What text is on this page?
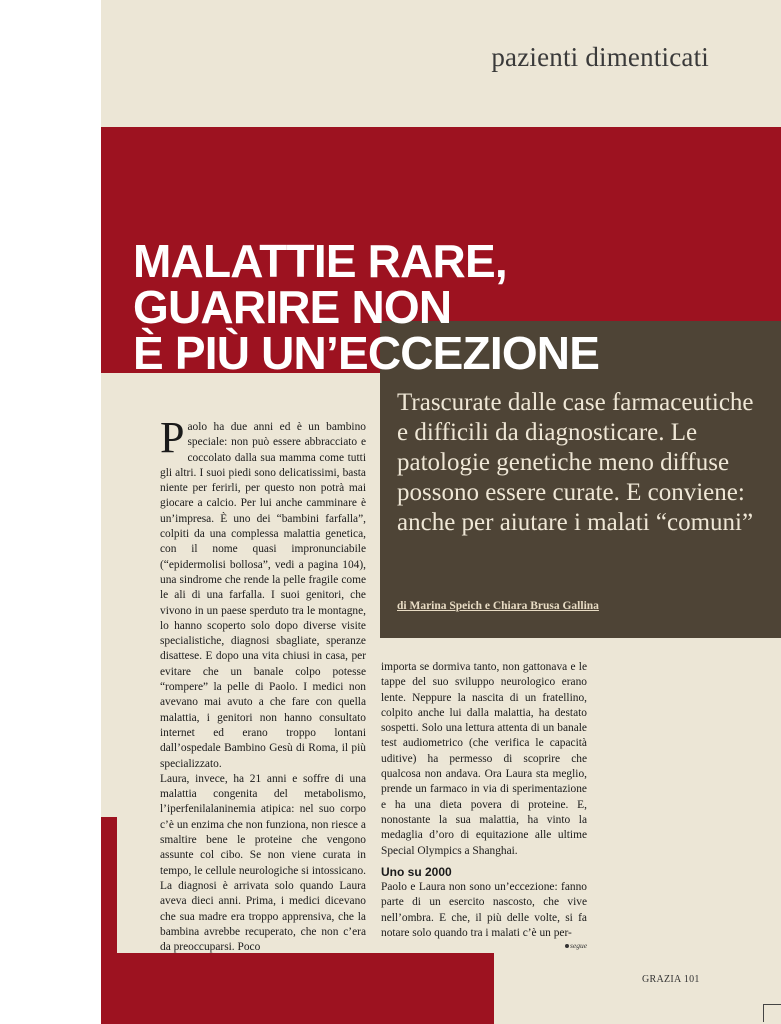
pazienti dimenticati
MALATTIE RARE,
GUARIRE NON
È PIÙ UN’ECCEZIONE

Trascurate dalle case farmaceutiche e difficili da diagnosticare. Le patologie genetiche meno diffuse possono essere curate. E conviene: anche per aiutare i malati “comuni”

di Marina Speich e Chiara Brusa Gallina

Paolo ha due anni ed è un bambino speciale: non può essere abbracciato e coccolato dalla sua mamma come tutti gli altri. I suoi piedi sono delicatissimi, basta niente per ferirli, per questo non potrà mai giocare a calcio. Per lui anche camminare è un’impresa. È uno dei “bambini farfalla”, colpiti da una complessa malattia genetica, con il nome quasi impronunciabile (“epidermolisi bollosa”, vedi a pagina 104), una sindrome che rende la pelle fragile come le ali di una farfalla. I suoi genitori, che vivono in un paese sperduto tra le montagne, lo hanno scoperto solo dopo diverse visite specialistiche, diagnosi sbagliate, speranze disattese. E dopo una vita chiusi in casa, per evitare che un banale colpo potesse “rompere” la pelle di Paolo. I medici non avevano mai avuto a che fare con quella malattia, i genitori non hanno consultato internet ed erano troppo lontani dall’ospedale Bambino Gesù di Roma, il più specializzato.

Laura, invece, ha 21 anni e soffre di una malattia congenita del metabolismo, l’iperfenilalaninemia atipica: nel suo corpo c’è un enzima che non funziona, non riesce a smaltire bene le proteine che vengono assunte col cibo. Se non viene curata in tempo, le cellule neurologiche si intossicano. La diagnosi è arrivata solo quando Laura aveva dieci anni. Prima, i medici dicevano che sua madre era troppo apprensiva, che la bambina avrebbe recuperato, che non c’era da preoccuparsi. Poco

importa se dormiva tanto, non gattonava e le tappe del suo sviluppo neurologico erano lente. Neppure la nascita di un fratellino, colpito anche lui dalla malattia, ha destato sospetti. Solo una lettura attenta di un banale test audiometrico (che verifica le capacità uditive) ha permesso di scoprire che qualcosa non andava. Ora Laura sta meglio, prende un farmaco in via di sperimentazione e ha una dieta povera di proteine. E, nonostante la sua malattia, ha vinto la medaglia d’oro di equitazione alle ultime Special Olympics a Shanghai.

Uno su 2000

Paolo e Laura non sono un’eccezione: fanno parte di un esercito nascosto, che vive nell’ombra. E che, il più delle volte, si fa notare solo quando tra i malati c’è un per-

segue
GRAZIA 101
